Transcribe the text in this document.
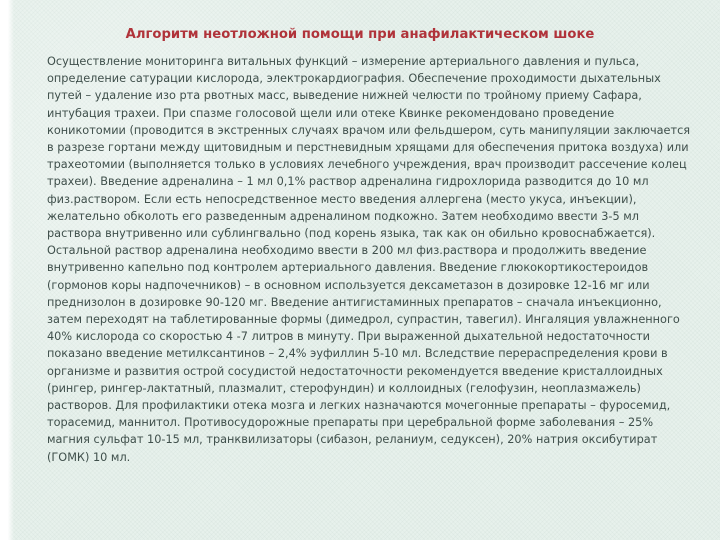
Алгоритм неотложной помощи при анафилактическом шоке

Осуществление мониторинга витальных функций – измерение артериального давления и пульса, определение сатурации кислорода, электрокардиография. Обеспечение проходимости дыхательных путей – удаление изо рта рвотных масс, выведение нижней челюсти по тройному приему Сафара, интубация трахеи. При спазме голосовой щели или отеке Квинке рекомендовано проведение коникотомии (проводится в экстренных случаях врачом или фельдшером, суть манипуляции заключается в разрезе гортани между щитовидным и перстневидным хрящами для обеспечения притока воздуха) или трахеотомии (выполняется только в условиях лечебного учреждения, врач производит рассечение колец трахеи). Введение адреналина – 1 мл 0,1% раствор адреналина гидрохлорида разводится до 10 мл физ.раствором. Если есть непосредственное место введения аллергена (место укуса, инъекции), желательно обколоть его разведенным адреналином подкожно. Затем необходимо ввести 3-5 мл раствора внутривенно или сублингвально (под корень языка, так как он обильно кровоснабжается). Остальной раствор адреналина необходимо ввести в 200 мл физ.раствора и продолжить введение внутривенно капельно под контролем артериального давления. Введение глюкокортикостероидов (гормонов коры надпочечников) – в основном используется дексаметазон в дозировке 12-16 мг или преднизолон в дозировке 90-120 мг. Введение антигистаминных препаратов – сначала инъекционно, затем переходят на таблетированные формы (димедрол, супрастин, тавегил). Ингаляция увлажненного 40% кислорода со скоростью 4 -7 литров в минуту. При выраженной дыхательной недостаточности показано введение метилксантинов – 2,4% эуфиллин 5-10 мл. Вследствие перераспределения крови в организме и развития острой сосудистой недостаточности рекомендуется введение кристаллоидных (рингер, рингер-лактатный, плазмалит, стерофундин) и коллоидных (гелофузин, неоплазмажель) растворов. Для профилактики отека мозга и легких назначаются мочегонные препараты – фуросемид, торасемид, маннитол. Противосудорожные препараты при церебральной форме заболевания – 25% магния сульфат 10-15 мл, транквилизаторы (сибазон, реланиум, седуксен), 20% натрия оксибутират (ГОМК) 10 мл.
